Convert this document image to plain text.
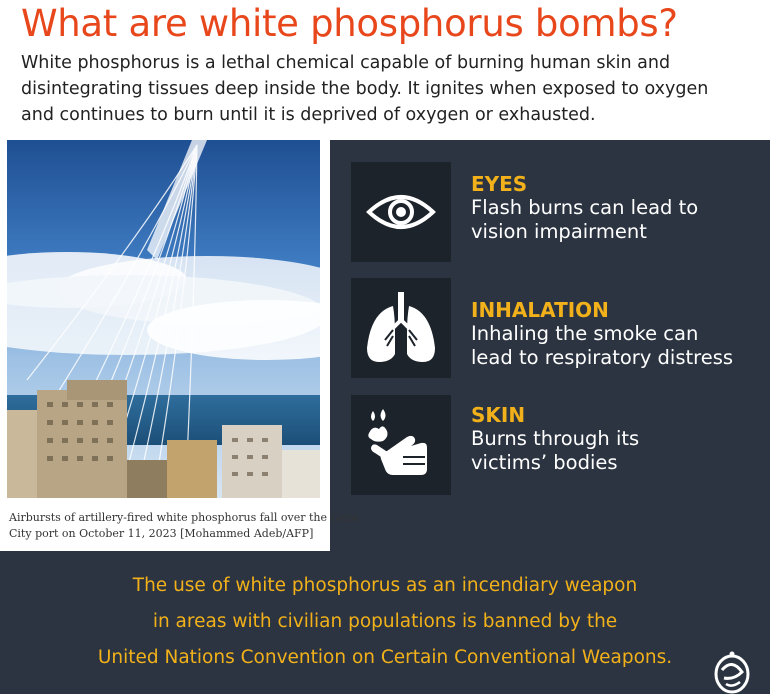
What are white phosphorus bombs?

White phosphorus is a lethal chemical capable of burning human skin and

disintegrating tissues deep inside the body. It ignites when exposed to oxygen

and continues to burn until it is deprived of oxygen or exhausted.

Airbursts of artillery-fired white phosphorus fall over the Gaza
City port on October 11, 2023 [Mohammed Adeb/AFP]
EYES
Flash burns can lead to
vision impairment
INHALATION
Inhaling the smoke can
lead to respiratory distress
SKIN
Burns through its
victims’ bodies
The use of white phosphorus as an incendiary weapon
in areas with civilian populations is banned by the
United Nations Convention on Certain Conventional Weapons.
